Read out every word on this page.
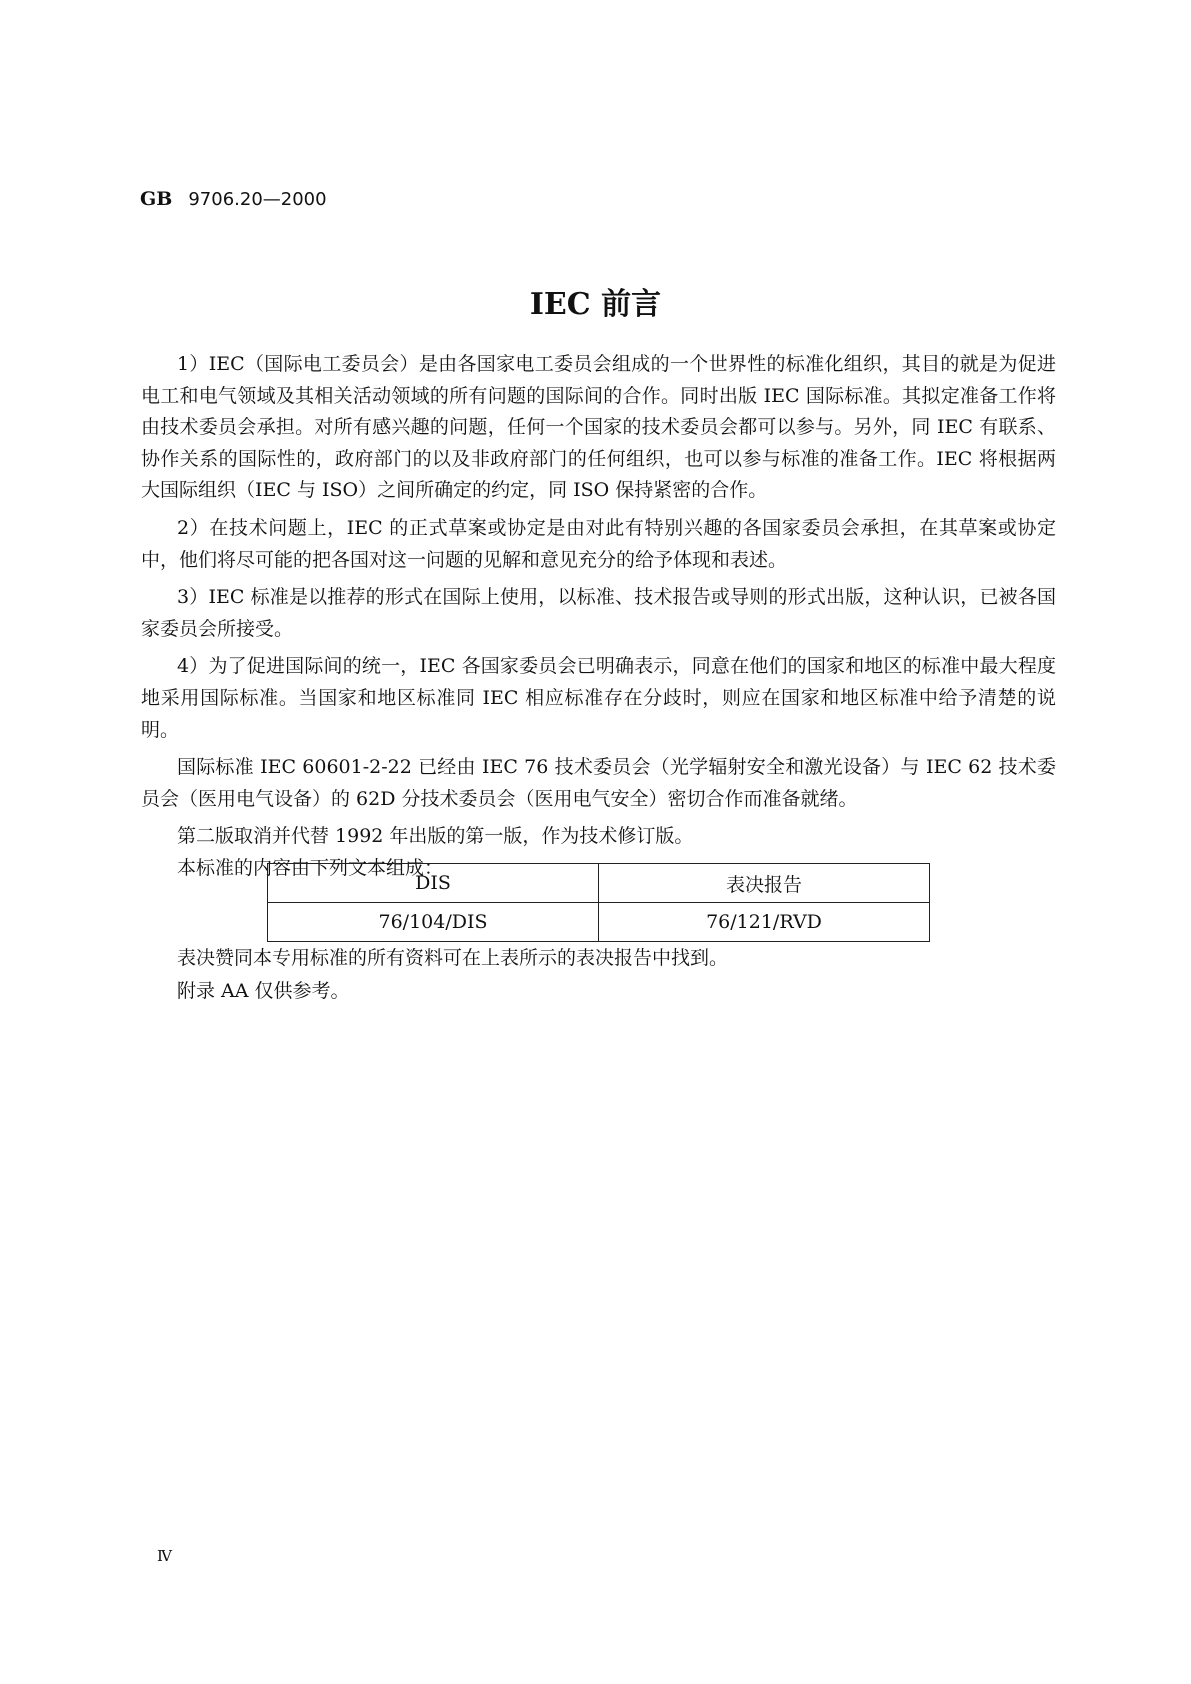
GB 9706.20—2000
IEC 前言

1）IEC（国际电工委员会）是由各国家电工委员会组成的一个世界性的标准化组织，其目的就是为促进电工和电气领域及其相关活动领域的所有问题的国际间的合作。同时出版 IEC 国际标准。其拟定准备工作将由技术委员会承担。对所有感兴趣的问题，任何一个国家的技术委员会都可以参与。另外，同 IEC 有联系、协作关系的国际性的，政府部门的以及非政府部门的任何组织，也可以参与标准的准备工作。IEC 将根据两大国际组织（IEC 与 ISO）之间所确定的约定，同 ISO 保持紧密的合作。

2）在技术问题上，IEC 的正式草案或协定是由对此有特别兴趣的各国家委员会承担，在其草案或协定中，他们将尽可能的把各国对这一问题的见解和意见充分的给予体现和表述。

3）IEC 标准是以推荐的形式在国际上使用，以标准、技术报告或导则的形式出版，这种认识，已被各国家委员会所接受。

4）为了促进国际间的统一，IEC 各国家委员会已明确表示，同意在他们的国家和地区的标准中最大程度地采用国际标准。当国家和地区标准同 IEC 相应标准存在分歧时，则应在国家和地区标准中给予清楚的说明。

国际标准 IEC 60601-2-22 已经由 IEC 76 技术委员会（光学辐射安全和激光设备）与 IEC 62 技术委员会（医用电气设备）的 62D 分技术委员会（医用电气安全）密切合作而准备就绪。

第二版取消并代替 1992 年出版的第一版，作为技术修订版。

本标准的内容由下列文本组成：

DIS	表决报告
76/104/DIS	76/121/RVD

表决赞同本专用标准的所有资料可在上表所示的表决报告中找到。

附录 AA 仅供参考。

Ⅳ
